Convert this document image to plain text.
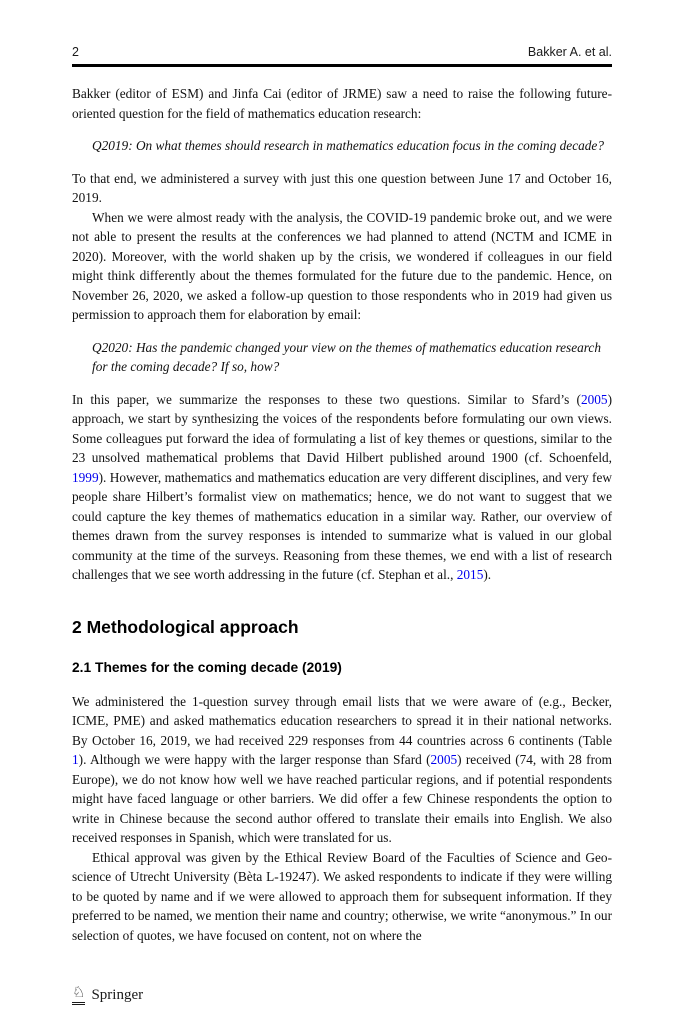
2	Bakker A. et al.

Bakker (editor of ESM) and Jinfa Cai (editor of JRME) saw a need to raise the following future-oriented question for the field of mathematics education research:

Q2019: On what themes should research in mathematics education focus in the coming decade?

To that end, we administered a survey with just this one question between June 17 and October 16, 2019.

When we were almost ready with the analysis, the COVID-19 pandemic broke out, and we were not able to present the results at the conferences we had planned to attend (NCTM and ICME in 2020). Moreover, with the world shaken up by the crisis, we wondered if colleagues in our field might think differently about the themes formulated for the future due to the pandemic. Hence, on November 26, 2020, we asked a follow-up question to those respondents who in 2019 had given us permission to approach them for elaboration by email:

Q2020: Has the pandemic changed your view on the themes of mathematics education research for the coming decade? If so, how?

In this paper, we summarize the responses to these two questions. Similar to Sfard’s (2005) approach, we start by synthesizing the voices of the respondents before formulating our own views. Some colleagues put forward the idea of formulating a list of key themes or questions, similar to the 23 unsolved mathematical problems that David Hilbert published around 1900 (cf. Schoenfeld, 1999). However, mathematics and mathematics education are very different disciplines, and very few people share Hilbert’s formalist view on mathematics; hence, we do not want to suggest that we could capture the key themes of mathematics education in a similar way. Rather, our overview of themes drawn from the survey responses is intended to summarize what is valued in our global community at the time of the surveys. Reasoning from these themes, we end with a list of research challenges that we see worth addressing in the future (cf. Stephan et al., 2015).

2 Methodological approach
2.1 Themes for the coming decade (2019)

We administered the 1-question survey through email lists that we were aware of (e.g., Becker, ICME, PME) and asked mathematics education researchers to spread it in their national networks. By October 16, 2019, we had received 229 responses from 44 countries across 6 continents (Table 1). Although we were happy with the larger response than Sfard (2005) received (74, with 28 from Europe), we do not know how well we have reached particular regions, and if potential respondents might have faced language or other barriers. We did offer a few Chinese respondents the option to write in Chinese because the second author offered to translate their emails into English. We also received responses in Spanish, which were translated for us.

Ethical approval was given by the Ethical Review Board of the Faculties of Science and Geo-science of Utrecht University (Bèta L-19247). We asked respondents to indicate if they were willing to be quoted by name and if we were allowed to approach them for subsequent information. If they preferred to be named, we mention their name and country; otherwise, we write “anonymous.” In our selection of quotes, we have focused on content, not on where the

♘ Springer
